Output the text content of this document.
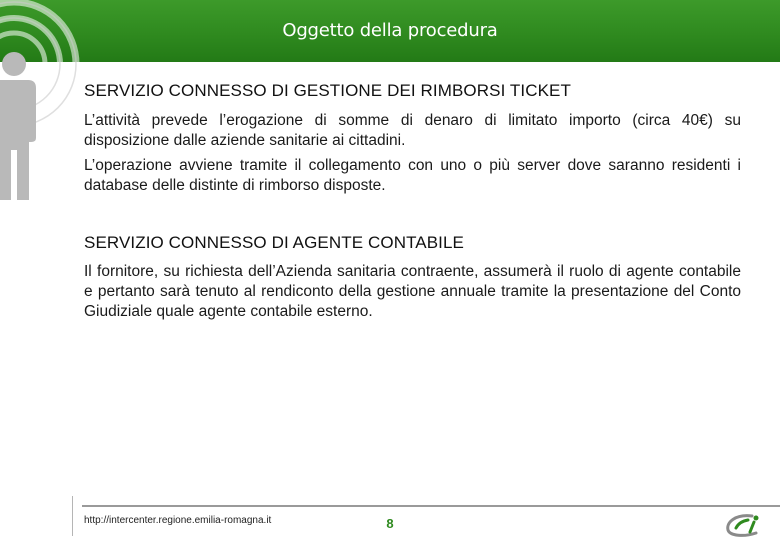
Oggetto della procedura
SERVIZIO CONNESSO DI GESTIONE DEI RIMBORSI TICKET

L’attività prevede l’erogazione di somme di denaro di limitato importo (circa 40€) su disposizione dalle aziende sanitarie ai cittadini.

L’operazione avviene tramite il collegamento con uno o più server dove saranno residenti i database delle distinte di rimborso disposte.

SERVIZIO CONNESSO DI AGENTE CONTABILE

Il fornitore, su richiesta dell’Azienda sanitaria contraente, assumerà il ruolo di agente contabile e pertanto sarà tenuto al rendiconto della gestione annuale tramite la presentazione del Conto Giudiziale quale agente contabile esterno.

http://intercenter.regione.emilia-romagna.it	8
